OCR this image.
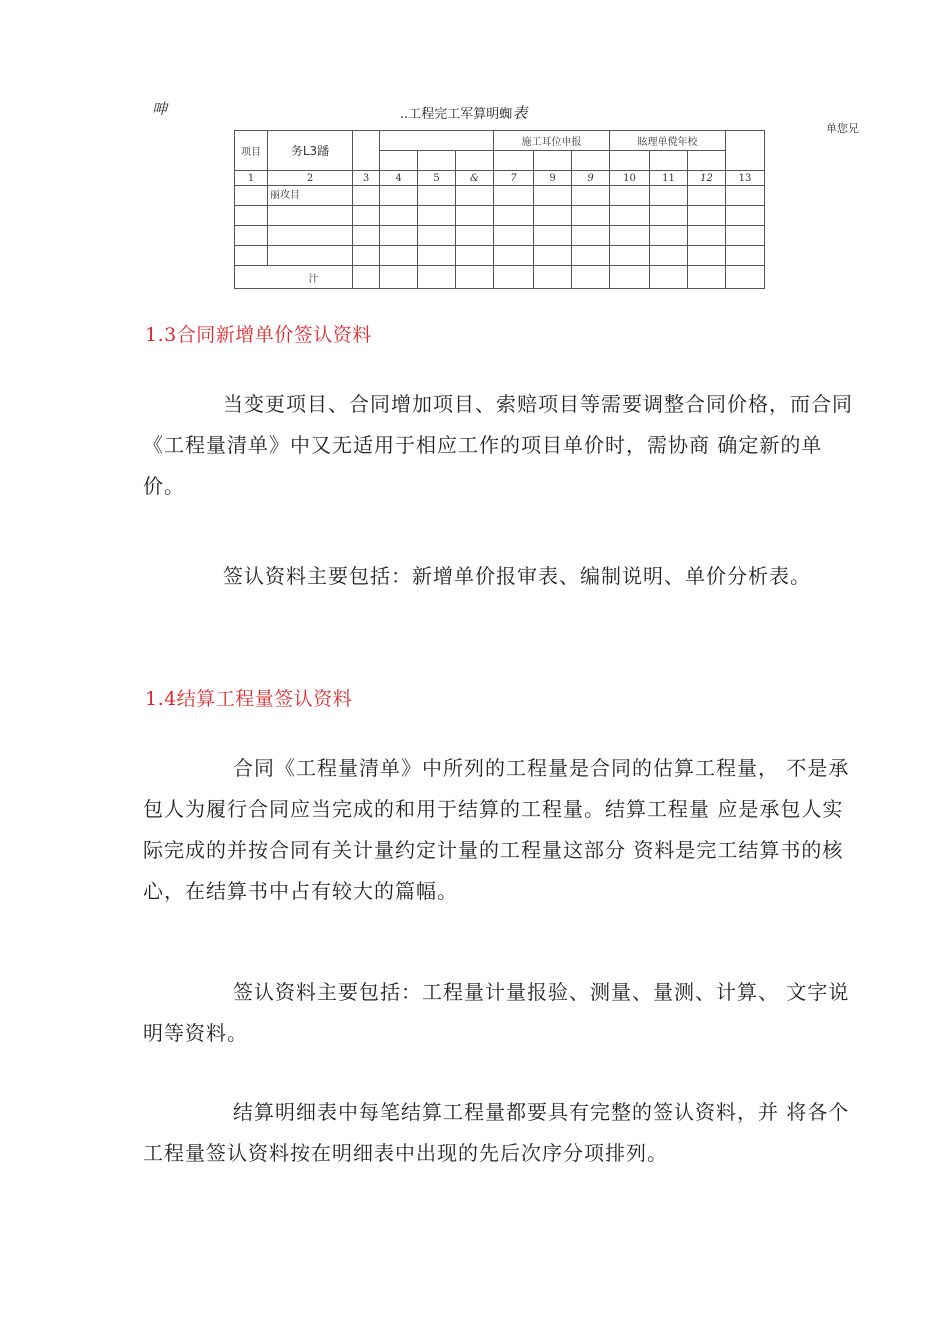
呻	..工程完工军算明蜘表
单您兄
项目	务L3蹯					施工耳位申报			眩理单傥年校			

1	2	3	4	5	&	7	9	9	10	11	12	13
	丽攻目											

汁												
1.3合同新增单价签认资料
当变更项目、合同增加项目、索赔项目等需要调整合同价格，而合同《工程量清单》中又无适用于相应工作的项目单价时，需协商 确定新的单价。
签认资料主要包括：新增单价报审表、编制说明、单价分析表。
1.4结算工程量签认资料
合同《工程量清单》中所列的工程量是合同的估算工程量， 不是承包人为履行合同应当完成的和用于结算的工程量。结算工程量 应是承包人实际完成的并按合同有关计量约定计量的工程量这部分 资料是完工结算书的核心，在结算书中占有较大的篇幅。
签认资料主要包括：工程量计量报验、测量、量测、计算、 文字说明等资料。
结算明细表中每笔结算工程量都要具有完整的签认资料，并 将各个工程量签认资料按在明细表中出现的先后次序分项排列。
